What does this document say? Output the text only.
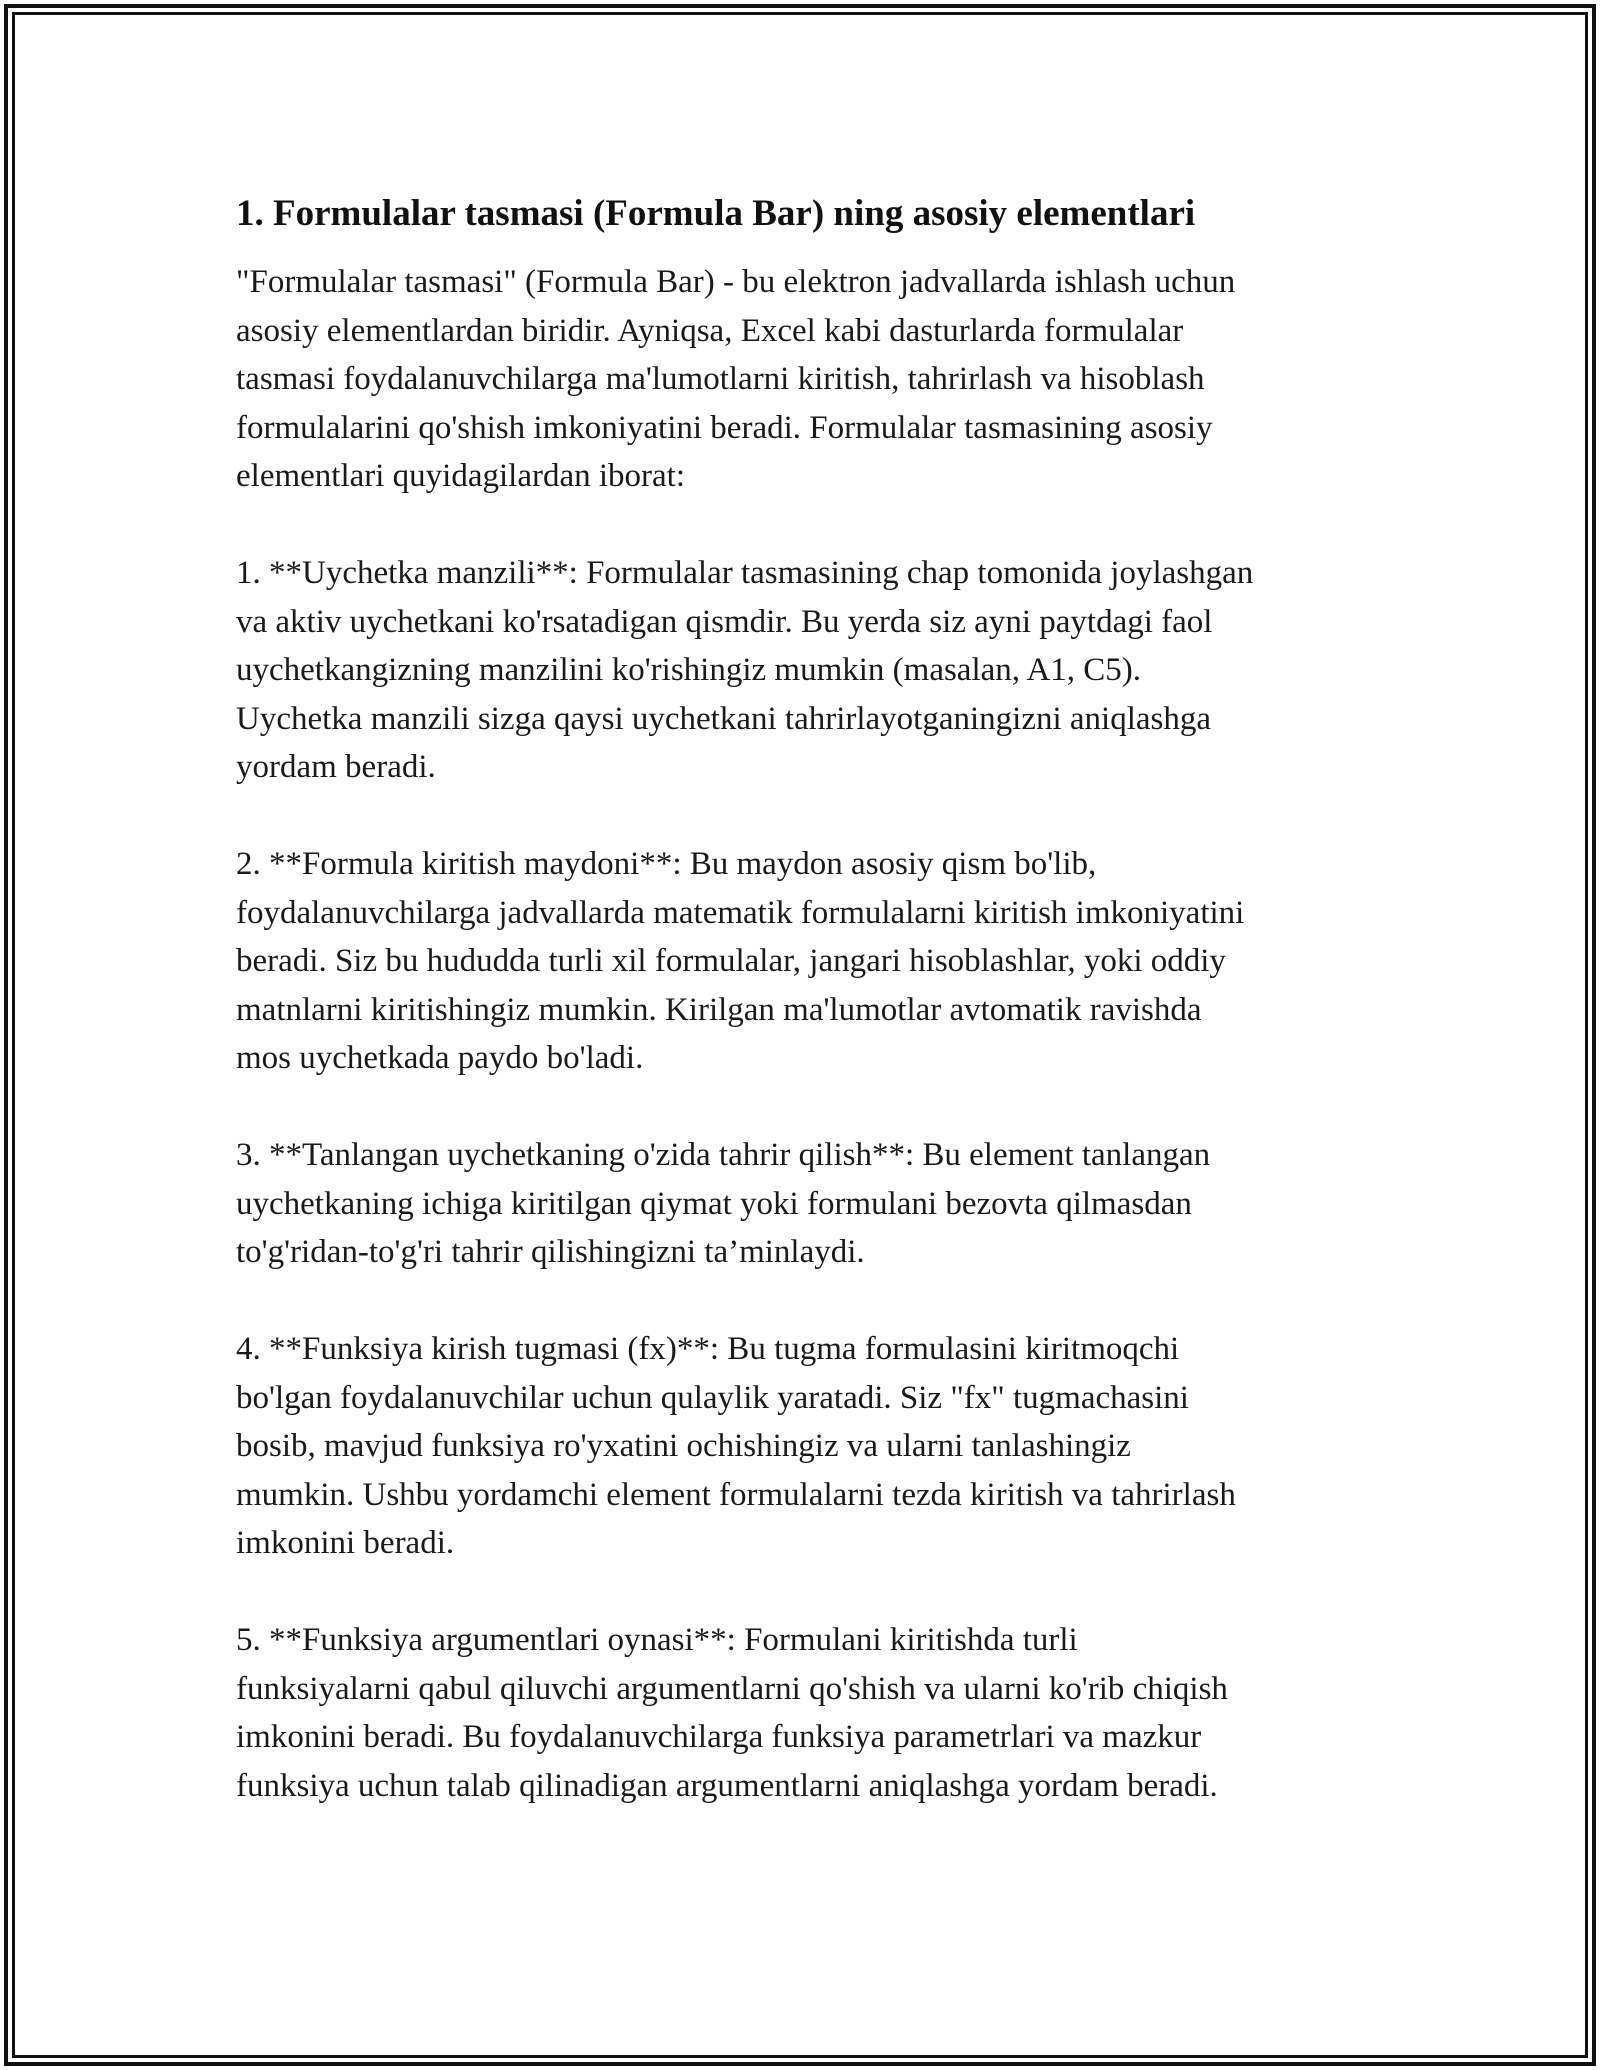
1. Formulalar tasmasi (Formula Bar) ning asosiy elementlari

"Formulalar tasmasi" (Formula Bar) - bu elektron jadvallarda ishlash uchun
asosiy elementlardan biridir. Ayniqsa, Excel kabi dasturlarda formulalar
tasmasi foydalanuvchilarga ma'lumotlarni kiritish, tahrirlash va hisoblash
formulalarini qo'shish imkoniyatini beradi. Formulalar tasmasining asosiy
elementlari quyidagilardan iborat:

1. **Uychetka manzili**: Formulalar tasmasining chap tomonida joylashgan
va aktiv uychetkani ko'rsatadigan qismdir. Bu yerda siz ayni paytdagi faol
uychetkangizning manzilini ko'rishingiz mumkin (masalan, A1, C5).
Uychetka manzili sizga qaysi uychetkani tahrirlayotganingizni aniqlashga
yordam beradi.

2. **Formula kiritish maydoni**: Bu maydon asosiy qism bo'lib,
foydalanuvchilarga jadvallarda matematik formulalarni kiritish imkoniyatini
beradi. Siz bu hududda turli xil formulalar, jangari hisoblashlar, yoki oddiy
matnlarni kiritishingiz mumkin. Kirilgan ma'lumotlar avtomatik ravishda
mos uychetkada paydo bo'ladi.

3. **Tanlangan uychetkaning o'zida tahrir qilish**: Bu element tanlangan
uychetkaning ichiga kiritilgan qiymat yoki formulani bezovta qilmasdan
to'g'ridan-to'g'ri tahrir qilishingizni ta’minlaydi.

4. **Funksiya kirish tugmasi (fx)**: Bu tugma formulasini kiritmoqchi
bo'lgan foydalanuvchilar uchun qulaylik yaratadi. Siz "fx" tugmachasini
bosib, mavjud funksiya ro'yxatini ochishingiz va ularni tanlashingiz
mumkin. Ushbu yordamchi element formulalarni tezda kiritish va tahrirlash
imkonini beradi.

5. **Funksiya argumentlari oynasi**: Formulani kiritishda turli
funksiyalarni qabul qiluvchi argumentlarni qo'shish va ularni ko'rib chiqish
imkonini beradi. Bu foydalanuvchilarga funksiya parametrlari va mazkur
funksiya uchun talab qilinadigan argumentlarni aniqlashga yordam beradi.
